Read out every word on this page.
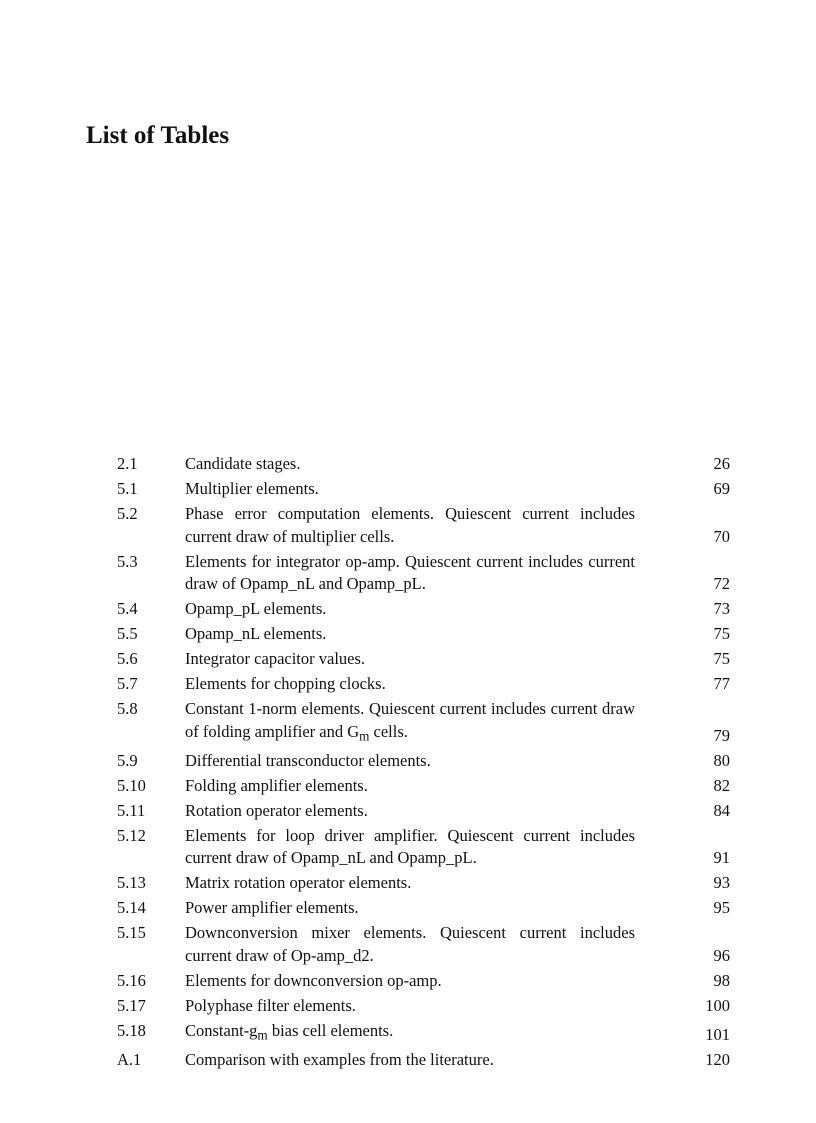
List of Tables
2.1	Candidate stages.	26
5.1	Multiplier elements.	69
5.2	Phase error computation elements. Quiescent current includes current draw of multiplier cells.	70
5.3	Elements for integrator op-amp. Quiescent current includes current draw of Opamp_nL and Opamp_pL.	72
5.4	Opamp_pL elements.	73
5.5	Opamp_nL elements.	75
5.6	Integrator capacitor values.	75
5.7	Elements for chopping clocks.	77
5.8	Constant 1-norm elements. Quiescent current includes current draw of folding amplifier and $G_m$ cells.	79
5.9	Differential transconductor elements.	80
5.10	Folding amplifier elements.	82
5.11	Rotation operator elements.	84
5.12	Elements for loop driver amplifier. Quiescent current includes current draw of Opamp_nL and Opamp_pL.	91
5.13	Matrix rotation operator elements.	93
5.14	Power amplifier elements.	95
5.15	Downconversion mixer elements. Quiescent current includes current draw of Op-amp_d2.	96
5.16	Elements for downconversion op-amp.	98
5.17	Polyphase filter elements.	100
5.18	Constant-$g_m$ bias cell elements.	101
A.1	Comparison with examples from the literature.	120
